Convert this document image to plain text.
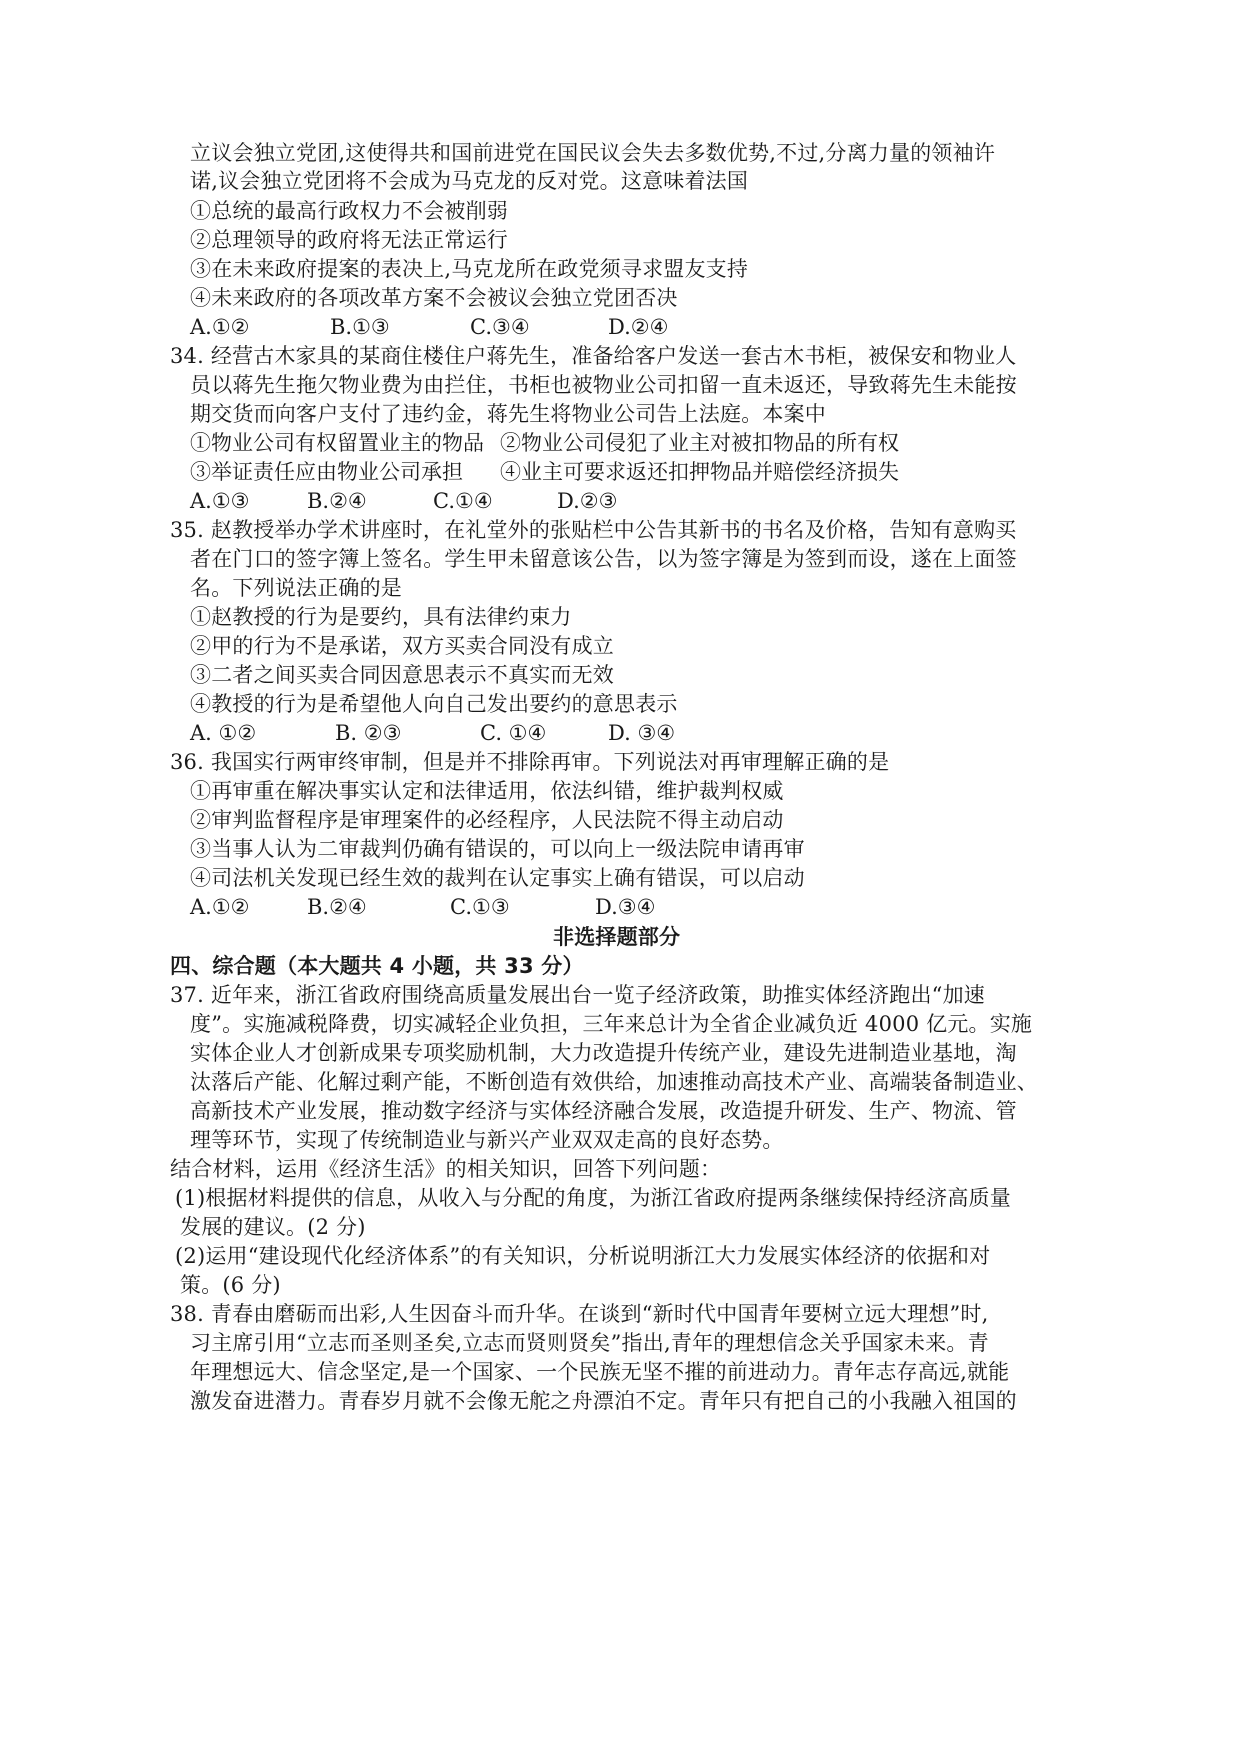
立议会独立党团,这使得共和国前进党在国民议会失去多数优势,不过,分离力量的领袖许
诺,议会独立党团将不会成为马克龙的反对党。这意味着法国
①总统的最高行政权力不会被削弱
②总理领导的政府将无法正常运行
③在未来政府提案的表决上,马克龙所在政党须寻求盟友支持
④未来政府的各项改革方案不会被议会独立党团否决
A.①②	B.①③	C.③④	D.②④
34. 经营古木家具的某商住楼住户蒋先生，准备给客户发送一套古木书柜，被保安和物业人
员以蒋先生拖欠物业费为由拦住，书柜也被物业公司扣留一直未返还，导致蒋先生未能按
期交货而向客户支付了违约金，蒋先生将物业公司告上法庭。本案中
①物业公司有权留置业主的物品 ②物业公司侵犯了业主对被扣物品的所有权
③举证责任应由物业公司承担 ④业主可要求返还扣押物品并赔偿经济损失
A.①③	B.②④	C.①④	D.②③
35. 赵教授举办学术讲座时，在礼堂外的张贴栏中公告其新书的书名及价格，告知有意购买
者在门口的签字簿上签名。学生甲未留意该公告，以为签字簿是为签到而设，遂在上面签
名。下列说法正确的是
①赵教授的行为是要约，具有法律约束力
②甲的行为不是承诺，双方买卖合同没有成立
③二者之间买卖合同因意思表示不真实而无效
④教授的行为是希望他人向自己发出要约的意思表示
A. ①②	B. ②③	C. ①④	D. ③④
36. 我国实行两审终审制，但是并不排除再审。下列说法对再审理解正确的是
①再审重在解决事实认定和法律适用，依法纠错，维护裁判权威
②审判监督程序是审理案件的必经程序，人民法院不得主动启动
③当事人认为二审裁判仍确有错误的，可以向上一级法院申请再审
④司法机关发现已经生效的裁判在认定事实上确有错误，可以启动
A.①②	B.②④	C.①③	D.③④
非选择题部分
四、综合题（本大题共 4 小题，共 33 分）
37. 近年来，浙江省政府围绕高质量发展出台一览子经济政策，助推实体经济跑出“加速
度”。实施减税降费，切实减轻企业负担，三年来总计为全省企业减负近 4000 亿元。实施
实体企业人才创新成果专项奖励机制，大力改造提升传统产业，建设先进制造业基地，淘
汰落后产能、化解过剩产能，不断创造有效供给，加速推动高技术产业、高端装备制造业、
高新技术产业发展，推动数字经济与实体经济融合发展，改造提升研发、生产、物流、管
理等环节，实现了传统制造业与新兴产业双双走高的良好态势。
结合材料，运用《经济生活》的相关知识，回答下列问题：
(1)根据材料提供的信息，从收入与分配的角度，为浙江省政府提两条继续保持经济高质量
发展的建议。(2 分)
(2)运用“建设现代化经济体系”的有关知识，分析说明浙江大力发展实体经济的依据和对
策。(6 分)
38. 青春由磨砺而出彩,人生因奋斗而升华。在谈到“新时代中国青年要树立远大理想”时,
习主席引用“立志而圣则圣矣,立志而贤则贤矣”指出,青年的理想信念关乎国家未来。青
年理想远大、信念坚定,是一个国家、一个民族无坚不摧的前进动力。青年志存高远,就能
激发奋进潜力。青春岁月就不会像无舵之舟漂泊不定。青年只有把自己的小我融入祖国的
